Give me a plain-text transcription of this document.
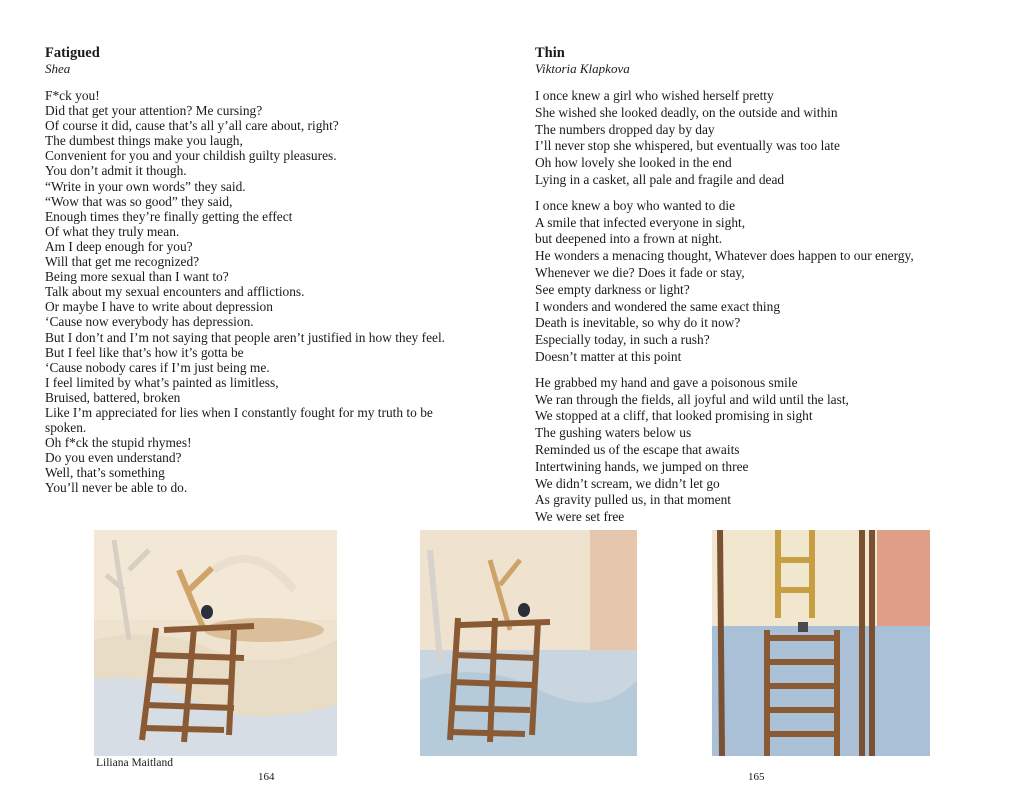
Fatigued
Shea
F*ck you!
Did that get your attention? Me cursing?
Of course it did, cause that’s all y’all care about, right?
The dumbest things make you laugh,
Convenient for you and your childish guilty pleasures.
You don’t admit it though.
“Write in your own words” they said.
“Wow that was so good” they said,
Enough times they’re finally getting the effect
Of what they truly mean.
Am I deep enough for you?
Will that get me recognized?
Being more sexual than I want to?
Talk about my sexual encounters and afflictions.
Or maybe I have to write about depression
‘Cause now everybody has depression.
But I don’t and I’m not saying that people aren’t justified in how they feel.
But I feel like that’s how it’s gotta be
‘Cause nobody cares if I’m just being me.
I feel limited by what’s painted as limitless,
Bruised, battered, broken
Like I’m appreciated for lies when I constantly fought for my truth to be
spoken.
Oh f*ck the stupid rhymes!
Do you even understand?
Well, that’s something
You’ll never be able to do.
Thin
Viktoria Klapkova
I once knew a girl who wished herself pretty
She wished she looked deadly, on the outside and within
The numbers dropped day by day
I’ll never stop she whispered, but eventually was too late
Oh how lovely she looked in the end
Lying in a casket, all pale and fragile and dead
I once knew a boy who wanted to die
A smile that infected everyone in sight,
but deepened into a frown at night.
He wonders a menacing thought, Whatever does happen to our energy,
Whenever we die? Does it fade or stay,
See empty darkness or light?
I wonders and wondered the same exact thing
Death is inevitable, so why do it now?
Especially today, in such a rush?
Doesn’t matter at this point
He grabbed my hand and gave a poisonous smile
We ran through the fields, all joyful and wild until the last,
We stopped at a cliff, that looked promising in sight
The gushing waters below us
Reminded us of the escape that awaits
Intertwining hands, we jumped on three
We didn’t scream, we didn’t let go
As gravity pulled us, in that moment
We were set free
Liliana Maitland
164	165
